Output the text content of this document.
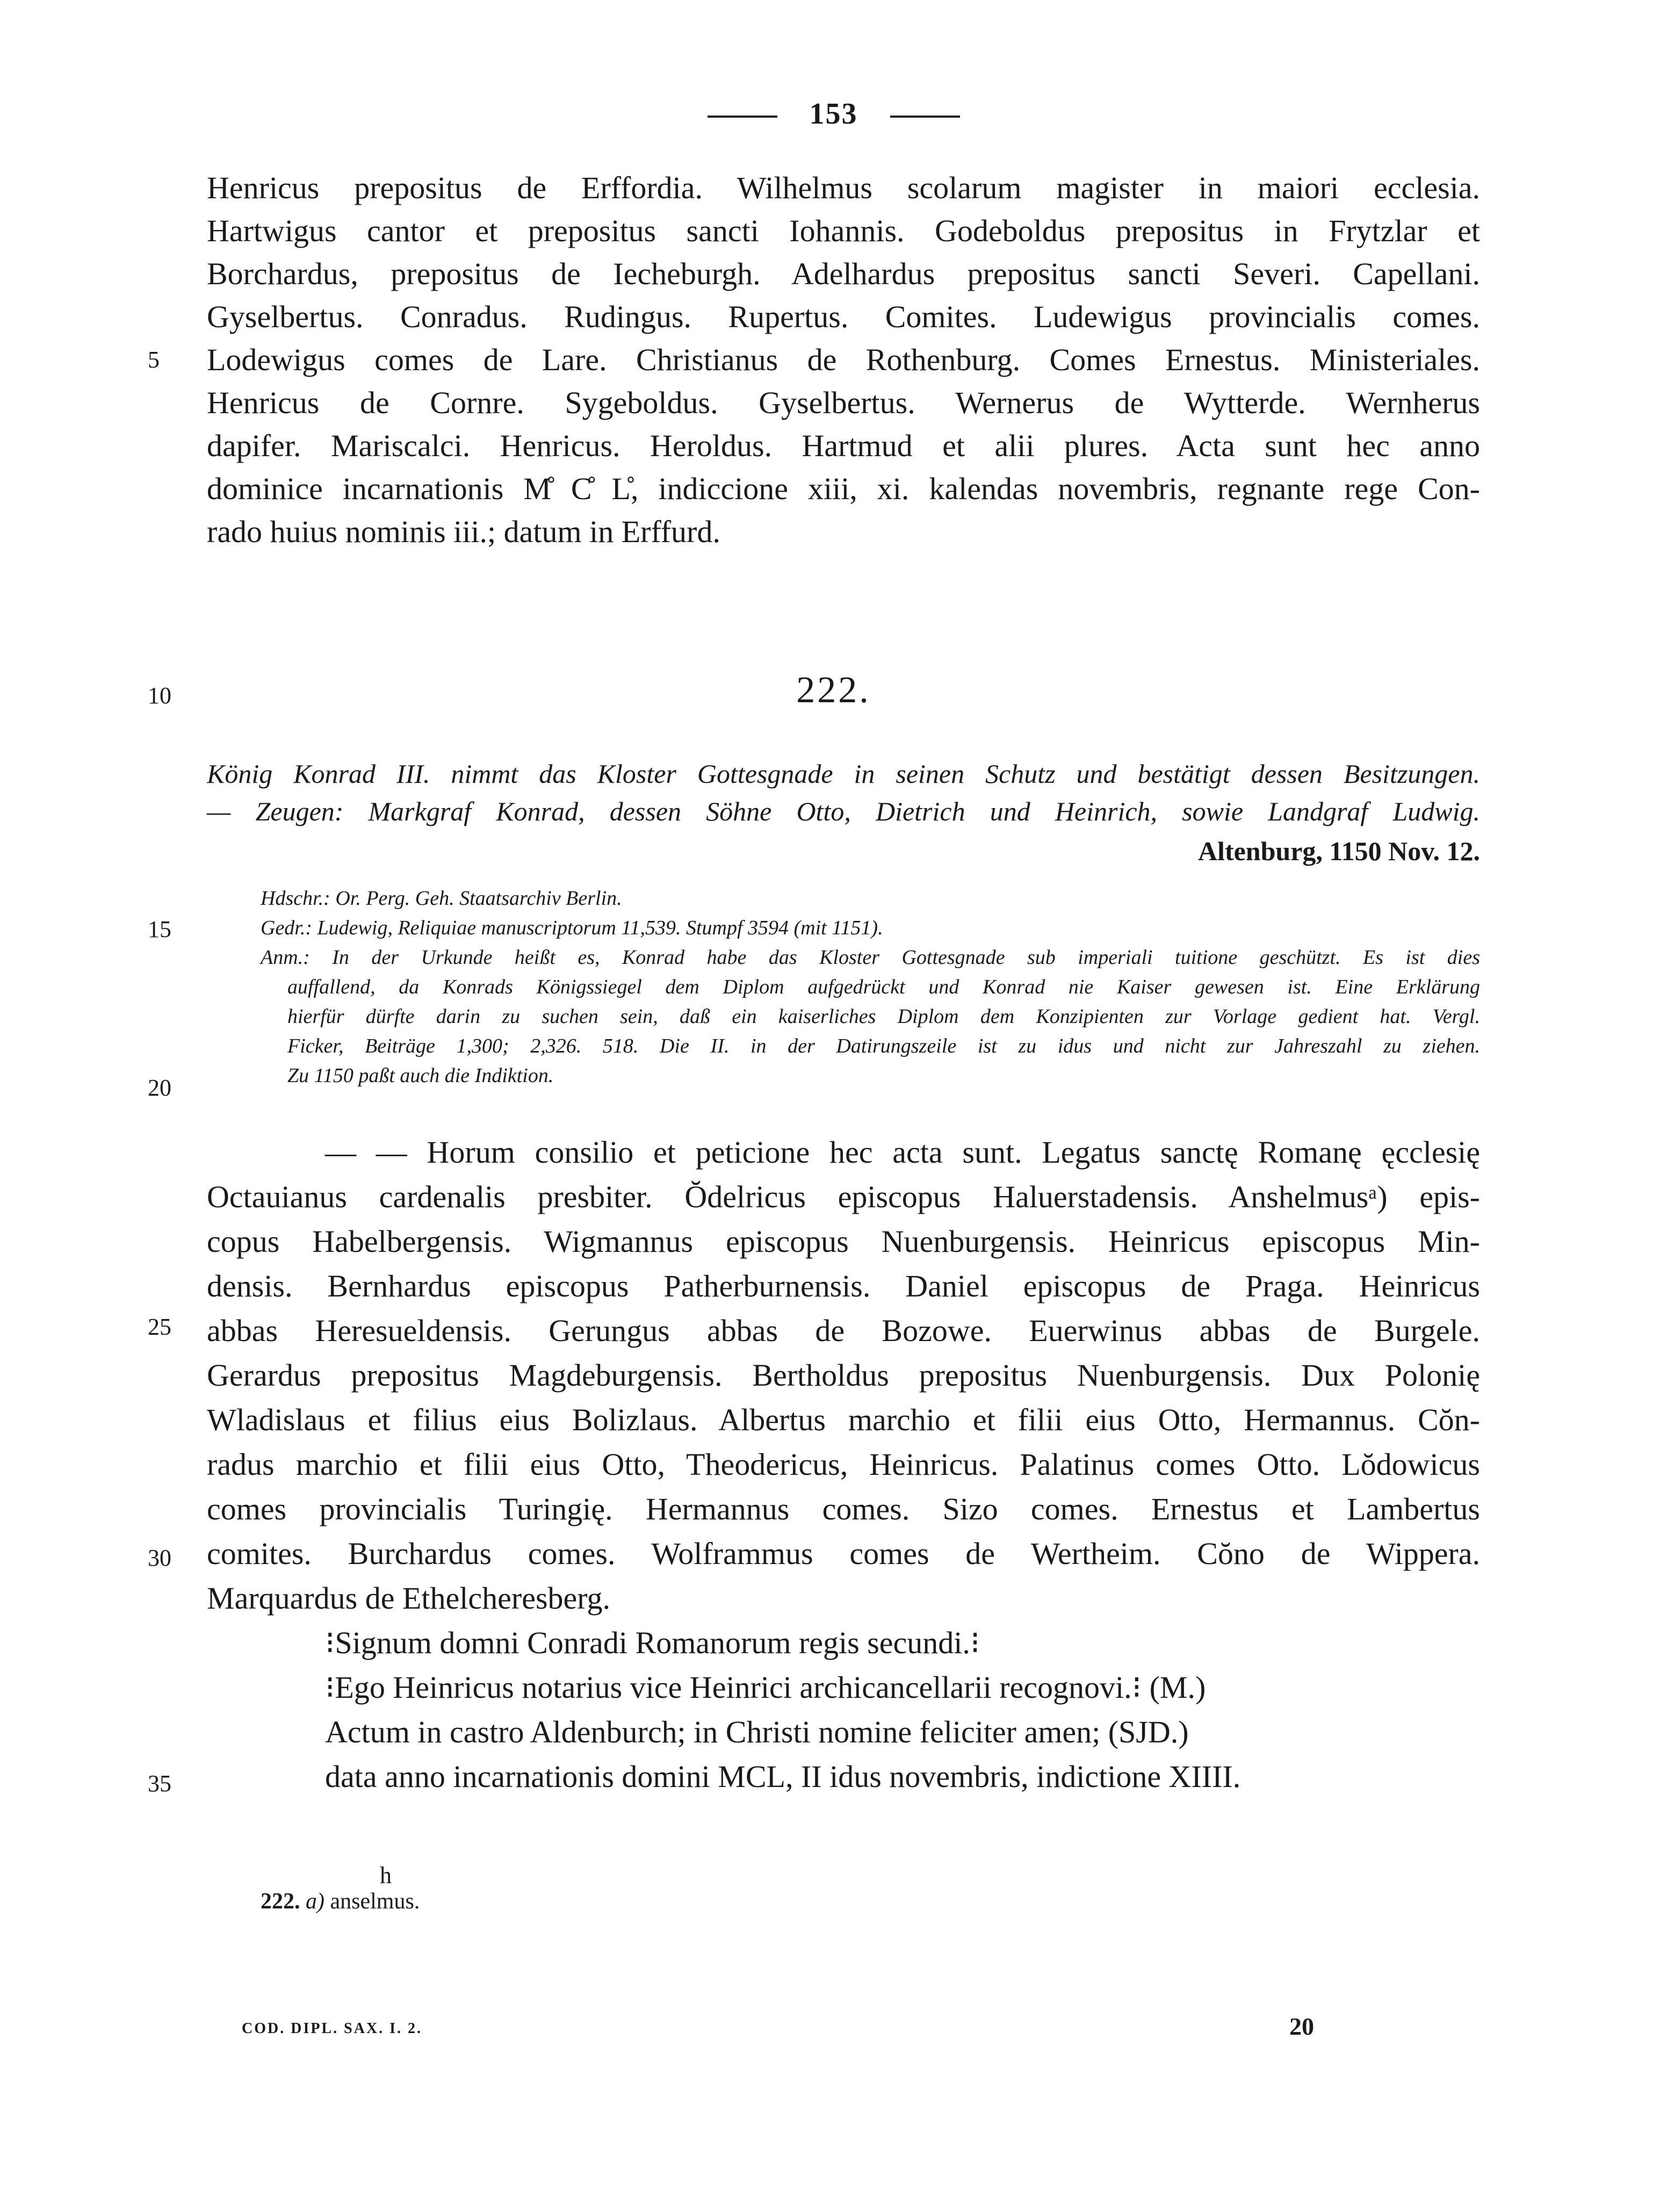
153
Henricus prepositus de Erffordia. Wilhelmus scolarum magister in maiori ecclesia.
Hartwigus cantor et prepositus sancti Iohannis. Godeboldus prepositus in Frytzlar et
Borchardus, prepositus de Iecheburgh. Adelhardus prepositus sancti Severi. Capellani.
Gyselbertus. Conradus. Rudingus. Rupertus. Comites. Ludewigus provincialis comes.
Lodewigus comes de Lare. Christianus de Rothenburg. Comes Ernestus. Ministeriales.
Henricus de Cornre. Sygeboldus. Gyselbertus. Wernerus de Wytterde. Wernherus
dapifer. Mariscalci. Henricus. Heroldus. Hartmud et alii plures. Acta sunt hec anno
dominice incarnationis M̊ C̊ L̊, indiccione xiii, xi. kalendas novembris, regnante rege Con-
rado huius nominis iii.; datum in Erffurd.
5
10
15
20
25
30
35
222.
König Konrad III. nimmt das Kloster Gottesgnade in seinen Schutz und bestätigt dessen Besitzungen.
— Zeugen: Markgraf Konrad, dessen Söhne Otto, Dietrich und Heinrich, sowie Landgraf Ludwig.
Altenburg, 1150 Nov. 12.
Hdschr.: Or. Perg. Geh. Staatsarchiv Berlin.
Gedr.: Ludewig, Reliquiae manuscriptorum 11,539. Stumpf 3594 (mit 1151).
Anm.: In der Urkunde heißt es, Konrad habe das Kloster Gottesgnade sub imperiali tuitione geschützt. Es ist dies
auffallend, da Konrads Königssiegel dem Diplom aufgedrückt und Konrad nie Kaiser gewesen ist. Eine Erklärung
hierfür dürfte darin zu suchen sein, daß ein kaiserliches Diplom dem Konzipienten zur Vorlage gedient hat. Vergl.
Ficker, Beiträge 1,300; 2,326. 518. Die II. in der Datirungszeile ist zu idus und nicht zur Jahreszahl zu ziehen.
Zu 1150 paßt auch die Indiktion.
— — Horum consilio et peticione hec acta sunt. Legatus sanctę Romanę ęcclesię
Octauianus cardenalis presbiter. Ŏdelricus episcopus Haluerstadensis. Anshelmusᵃ) epis-
copus Habelbergensis. Wigmannus episcopus Nuenburgensis. Heinricus episcopus Min-
densis. Bernhardus episcopus Patherburnensis. Daniel episcopus de Praga. Heinricus
abbas Heresueldensis. Gerungus abbas de Bozowe. Euerwinus abbas de Burgele.
Gerardus prepositus Magdeburgensis. Bertholdus prepositus Nuenburgensis. Dux Polonię
Wladislaus et filius eius Bolizlaus. Albertus marchio et filii eius Otto, Hermannus. Cŏn-
radus marchio et filii eius Otto, Theodericus, Heinricus. Palatinus comes Otto. Lŏdowicus
comes provincialis Turingię. Hermannus comes. Sizo comes. Ernestus et Lambertus
comites. Burchardus comes. Wolframmus comes de Wertheim. Cŏno de Wippera.
Marquardus de Ethelcheresberg.
⁝Signum domni Conradi Romanorum regis secundi.⁝
⁝Ego Heinricus notarius vice Heinrici archicancellarii recognovi.⁝ (M.)
Actum in castro Aldenburch; in Christi nomine feliciter amen; (SJD.)
data anno incarnationis domini MCL, II idus novembris, indictione XIIII.
h
222. a) anselmus.
COD. DIPL. SAX. I. 2.	20
